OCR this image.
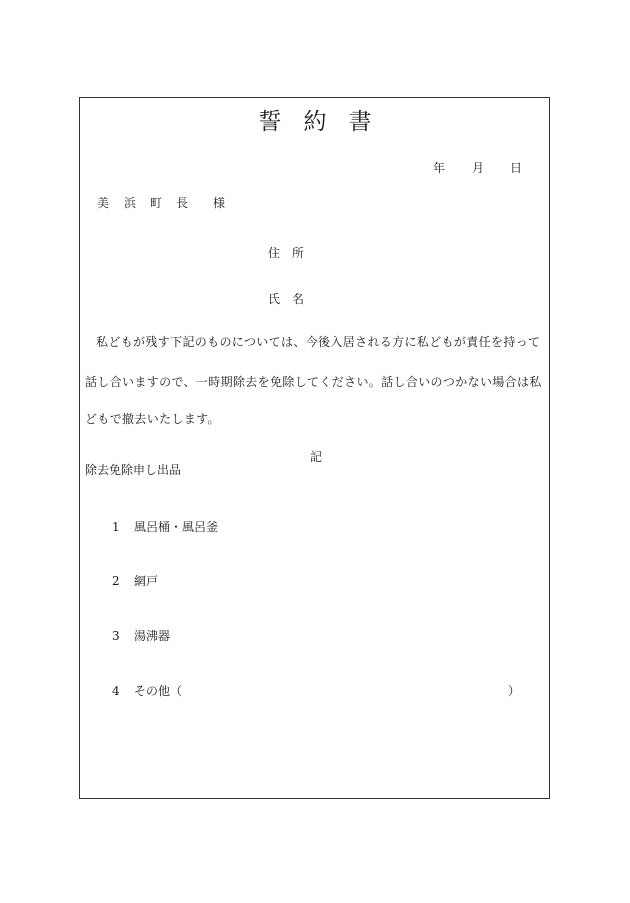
誓 約 書
年 月 日
美 浜 町 長 様
住　所
氏　名
私どもが残す下記のものについては、今後入居される方に私どもが責任を持って
話し合いますので、一時期除去を免除してください。話し合いのつかない場合は私
どもで撤去いたします。
記
除去免除申し出品
1 風呂桶・風呂釜
2 網戸
3 湯沸器
4 その他（	）
